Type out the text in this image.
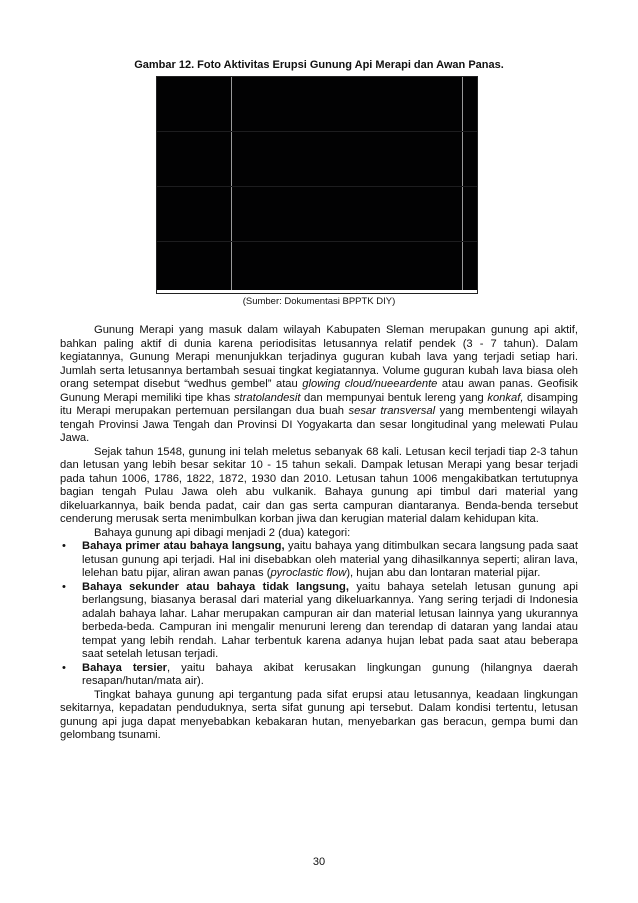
Gambar 12. Foto Aktivitas Erupsi Gunung Api Merapi dan Awan Panas.
(Sumber: Dokumentasi BPPTK DIY)

Gunung Merapi yang masuk dalam wilayah Kabupaten Sleman merupakan gunung api aktif, bahkan paling aktif di dunia karena periodisitas letusannya relatif pendek (3 - 7 tahun). Dalam kegiatannya, Gunung Merapi menunjukkan terjadinya guguran kubah lava yang terjadi setiap hari. Jumlah serta letusannya bertambah sesuai tingkat kegiatannya. Volume guguran kubah lava biasa oleh orang setempat disebut “wedhus gembel” atau glowing cloud/nueeardente atau awan panas. Geofisik Gunung Merapi memiliki tipe khas stratolandesit dan mempunyai bentuk lereng yang konkaf, disamping itu Merapi merupakan pertemuan persilangan dua buah sesar transversal yang membentengi wilayah tengah Provinsi Jawa Tengah dan Provinsi DI Yogyakarta dan sesar longitudinal yang melewati Pulau Jawa.

Sejak tahun 1548, gunung ini telah meletus sebanyak 68 kali. Letusan kecil terjadi tiap 2-3 tahun dan letusan yang lebih besar sekitar 10 - 15 tahun sekali. Dampak letusan Merapi yang besar terjadi pada tahun 1006, 1786, 1822, 1872, 1930 dan 2010. Letusan tahun 1006 mengakibatkan tertutupnya bagian tengah Pulau Jawa oleh abu vulkanik. Bahaya gunung api timbul dari material yang dikeluarkannya, baik benda padat, cair dan gas serta campuran diantaranya. Benda-benda tersebut cenderung merusak serta menimbulkan korban jiwa dan kerugian material dalam kehidupan kita.

Bahaya gunung api dibagi menjadi 2 (dua) kategori:

• Bahaya primer atau bahaya langsung, yaitu bahaya yang ditimbulkan secara langsung pada saat letusan gunung api terjadi. Hal ini disebabkan oleh material yang dihasilkannya seperti; aliran lava, lelehan batu pijar, aliran awan panas (pyroclastic flow), hujan abu dan lontaran material pijar.
• Bahaya sekunder atau bahaya tidak langsung, yaitu bahaya setelah letusan gunung api berlangsung, biasanya berasal dari material yang dikeluarkannya. Yang sering terjadi di Indonesia adalah bahaya lahar. Lahar merupakan campuran air dan material letusan lainnya yang ukurannya berbeda-beda. Campuran ini mengalir menuruni lereng dan terendap di dataran yang landai atau tempat yang lebih rendah. Lahar terbentuk karena adanya hujan lebat pada saat atau beberapa saat setelah letusan terjadi.
• Bahaya tersier, yaitu bahaya akibat kerusakan lingkungan gunung (hilangnya daerah resapan/hutan/mata air).

Tingkat bahaya gunung api tergantung pada sifat erupsi atau letusannya, keadaan lingkungan sekitarnya, kepadatan penduduknya, serta sifat gunung api tersebut. Dalam kondisi tertentu, letusan gunung api juga dapat menyebabkan kebakaran hutan, menyebarkan gas beracun, gempa bumi dan gelombang tsunami.

30
